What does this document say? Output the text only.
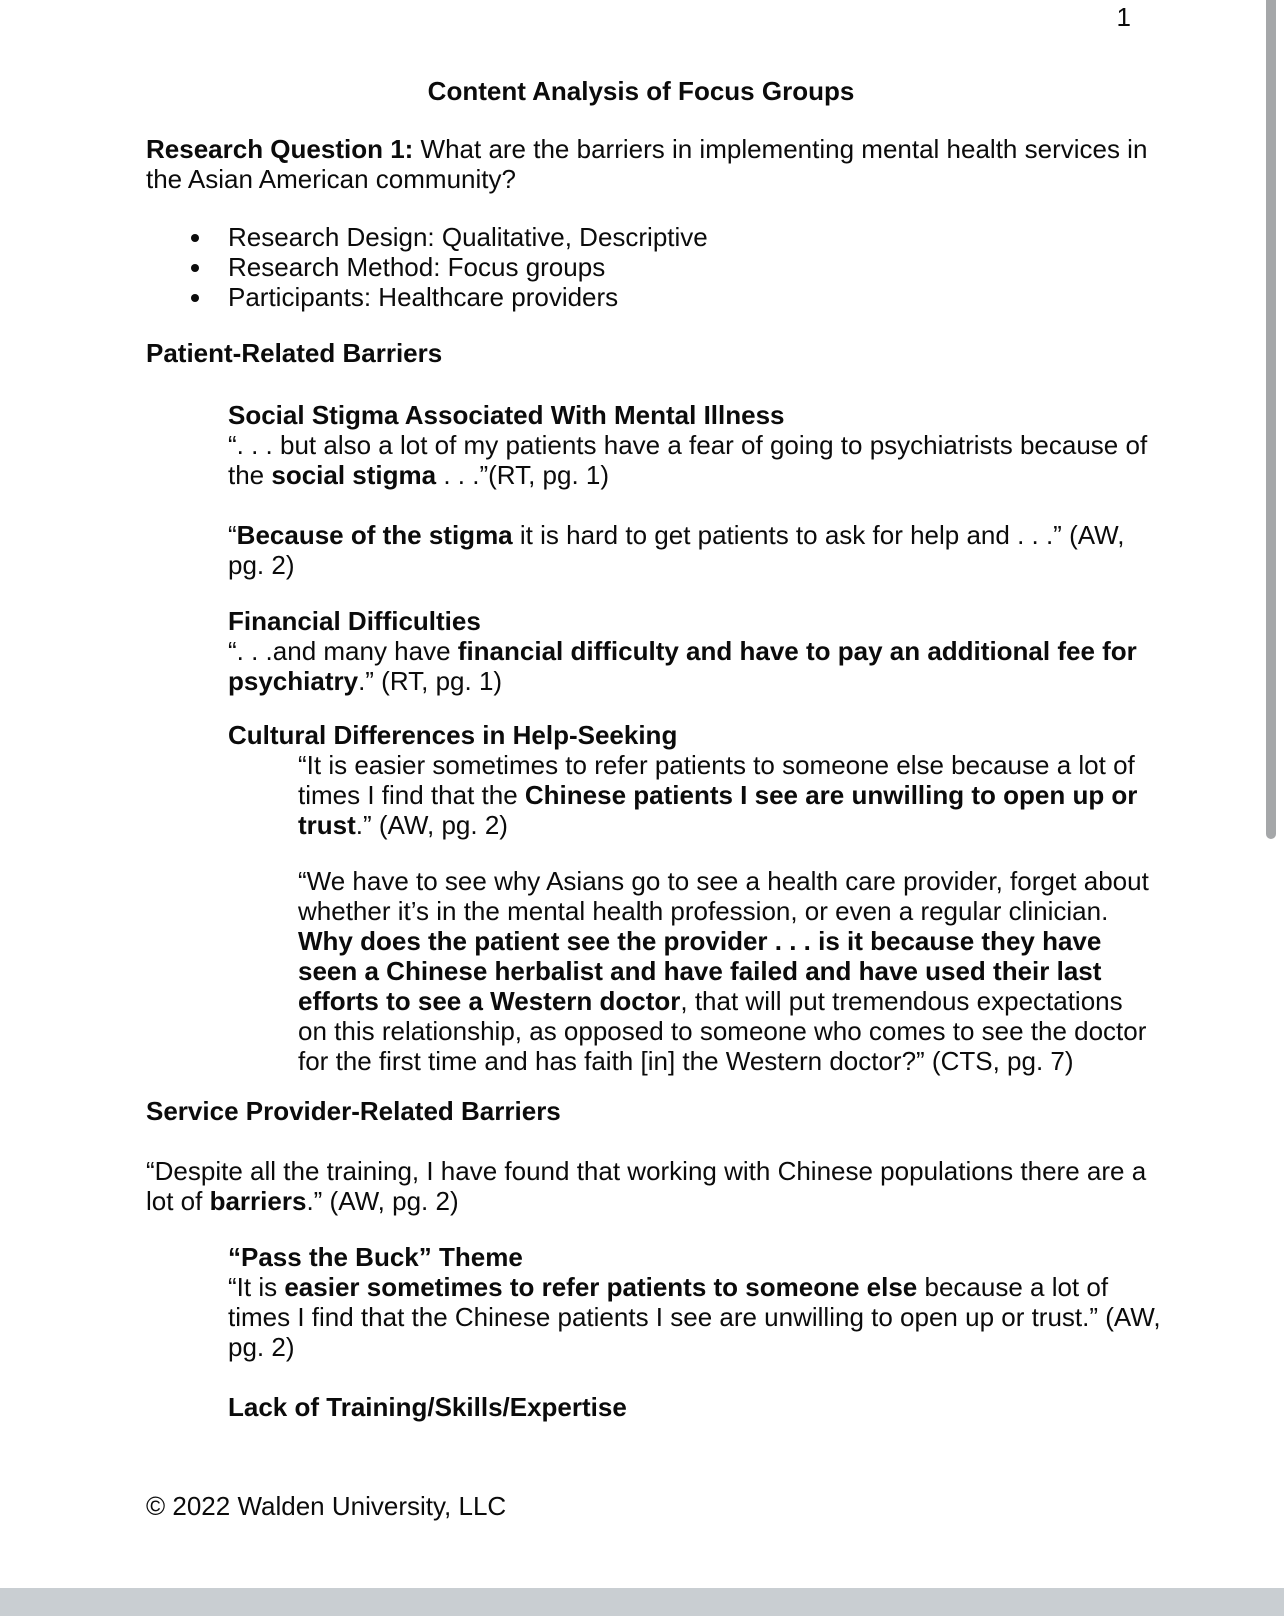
1
Content Analysis of Focus Groups
Research Question 1: What are the barriers in implementing mental health services in
the Asian American community?
Research Design: Qualitative, Descriptive
Research Method: Focus groups
Participants: Healthcare providers
Patient-Related Barriers
Social Stigma Associated With Mental Illness
“. . . but also a lot of my patients have a fear of going to psychiatrists because of
the social stigma . . .”(RT, pg. 1)
“Because of the stigma it is hard to get patients to ask for help and . . .” (AW,
pg. 2)
Financial Difficulties
“. . .and many have financial difficulty and have to pay an additional fee for
psychiatry.” (RT, pg. 1)
Cultural Differences in Help-Seeking
“It is easier sometimes to refer patients to someone else because a lot of
times I find that the Chinese patients I see are unwilling to open up or
trust.” (AW, pg. 2)
“We have to see why Asians go to see a health care provider, forget about
whether it’s in the mental health profession, or even a regular clinician.
Why does the patient see the provider . . . is it because they have
seen a Chinese herbalist and have failed and have used their last
efforts to see a Western doctor, that will put tremendous expectations
on this relationship, as opposed to someone who comes to see the doctor
for the first time and has faith [in] the Western doctor?” (CTS, pg. 7)
Service Provider-Related Barriers
“Despite all the training, I have found that working with Chinese populations there are a
lot of barriers.” (AW, pg. 2)
“Pass the Buck” Theme
“It is easier sometimes to refer patients to someone else because a lot of
times I find that the Chinese patients I see are unwilling to open up or trust.” (AW,
pg. 2)
Lack of Training/Skills/Expertise
© 2022 Walden University, LLC
